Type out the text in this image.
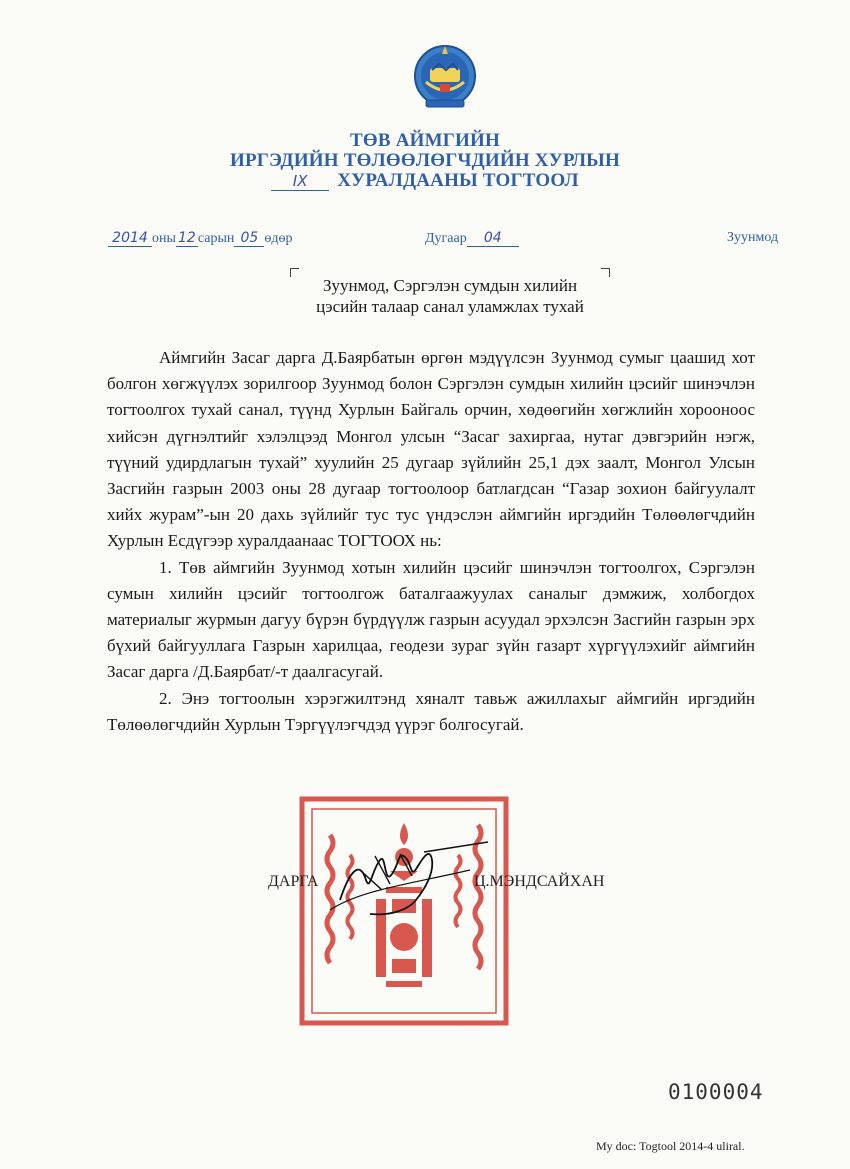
ТӨВ АЙМГИЙН
ИРГЭДИЙН ТӨЛӨӨЛӨГЧДИЙН ХУРЛЫН
IX ХУРАЛДААНЫ ТОГТООЛ
2014 оны 12 сарын 05 өдөр	Дугаар 04	Зуунмод
Зуунмод, Сэргэлэн сумдын хилийн
цэсийн талаар санал уламжлах тухай

Аймгийн Засаг дарга Д.Баярбатын өргөн мэдүүлсэн Зуунмод сумыг цаашид хот болгон хөгжүүлэх зорилгоор Зуунмод болон Сэргэлэн сумдын хилийн цэсийг шинэчлэн тогтоолгох тухай санал, түүнд Хурлын Байгаль орчин, хөдөөгийн хөгжлийн хорооноос хийсэн дүгнэлтийг хэлэлцээд Монгол улсын “Засаг захиргаа, нутаг дэвгэрийн нэгж, түүний удирдлагын тухай” хуулийн 25 дугаар зүйлийн 25,1 дэх заалт, Монгол Улсын Засгийн газрын 2003 оны 28 дугаар тогтоолоор батлагдсан “Газар зохион байгуулалт хийх журам”-ын 20 дахь зүйлийг тус тус үндэслэн аймгийн иргэдийн Төлөөлөгчдийн Хурлын Есдүгээр хуралдаанаас ТОГТООХ нь:

1. Төв аймгийн Зуунмод хотын хилийн цэсийг шинэчлэн тогтоолгох, Сэргэлэн сумын хилийн цэсийг тогтоолгож баталгаажуулах саналыг дэмжиж, холбогдох материалыг журмын дагуу бүрэн бүрдүүлж газрын асуудал эрхэлсэн Засгийн газрын эрх бүхий байгууллага Газрын харилцаа, геодези зураг зүйн газарт хүргүүлэхийг аймгийн Засаг дарга /Д.Баярбат/-т даалгасугай.

2. Энэ тогтоолын хэрэгжилтэнд хяналт тавьж ажиллахыг аймгийн иргэдийн Төлөөлөгчдийн Хурлын Тэргүүлэгчдэд үүрэг болгосугай.

ДАРГА	Ц.МЭНДСАЙХАН
0100004
My doc: Togtool 2014-4 uliral.
